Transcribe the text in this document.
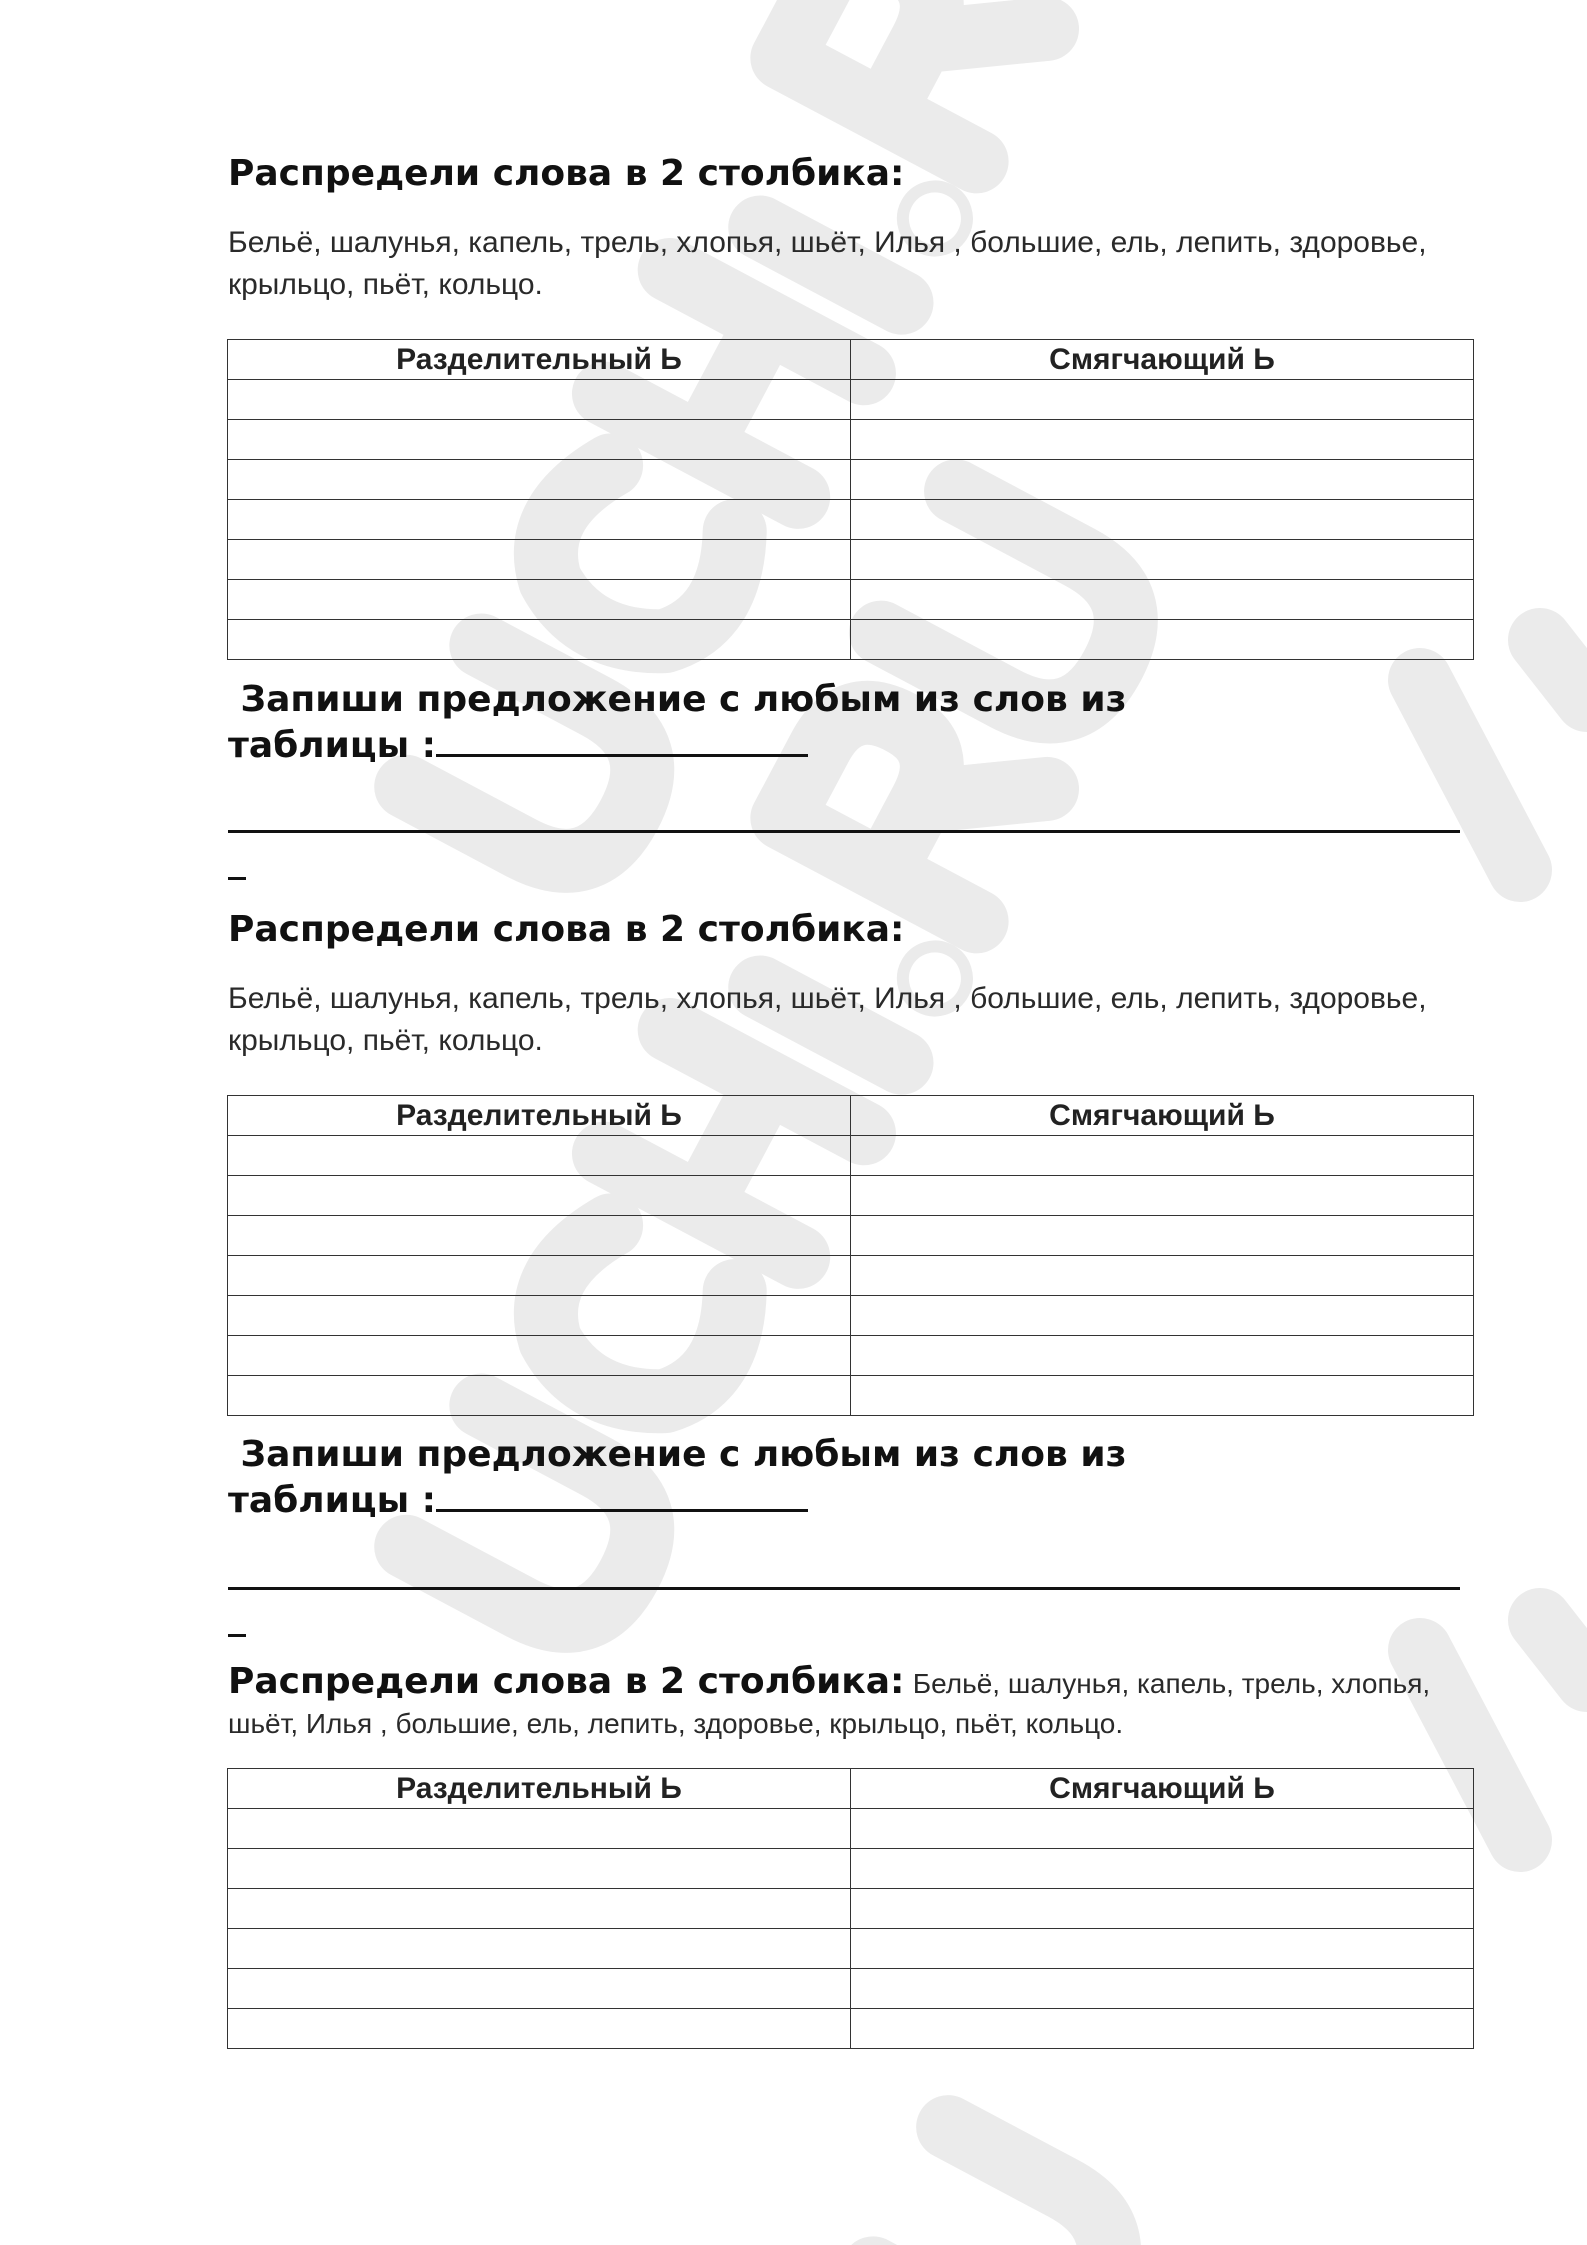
Распредели слова в 2 столбика:

Бельё, шалунья, капель, трель, хлопья, шьёт, Илья , большие, ель, лепить, здоровье, крыльцо, пьёт, кольцо.

Разделительный Ь	Смягчающий Ь

Запиши предложение с любым из слов из
таблицы :
Распредели слова в 2 столбика:

Бельё, шалунья, капель, трель, хлопья, шьёт, Илья , большие, ель, лепить, здоровье, крыльцо, пьёт, кольцо.

Разделительный Ь	Смягчающий Ь

Запиши предложение с любым из слов из
таблицы :
Распредели слова в 2 столбика: Бельё, шалунья, капель, трель, хлопья, шьёт, Илья , большие, ель, лепить, здоровье, крыльцо, пьёт, кольцо.
Разделительный Ь	Смягчающий Ь
